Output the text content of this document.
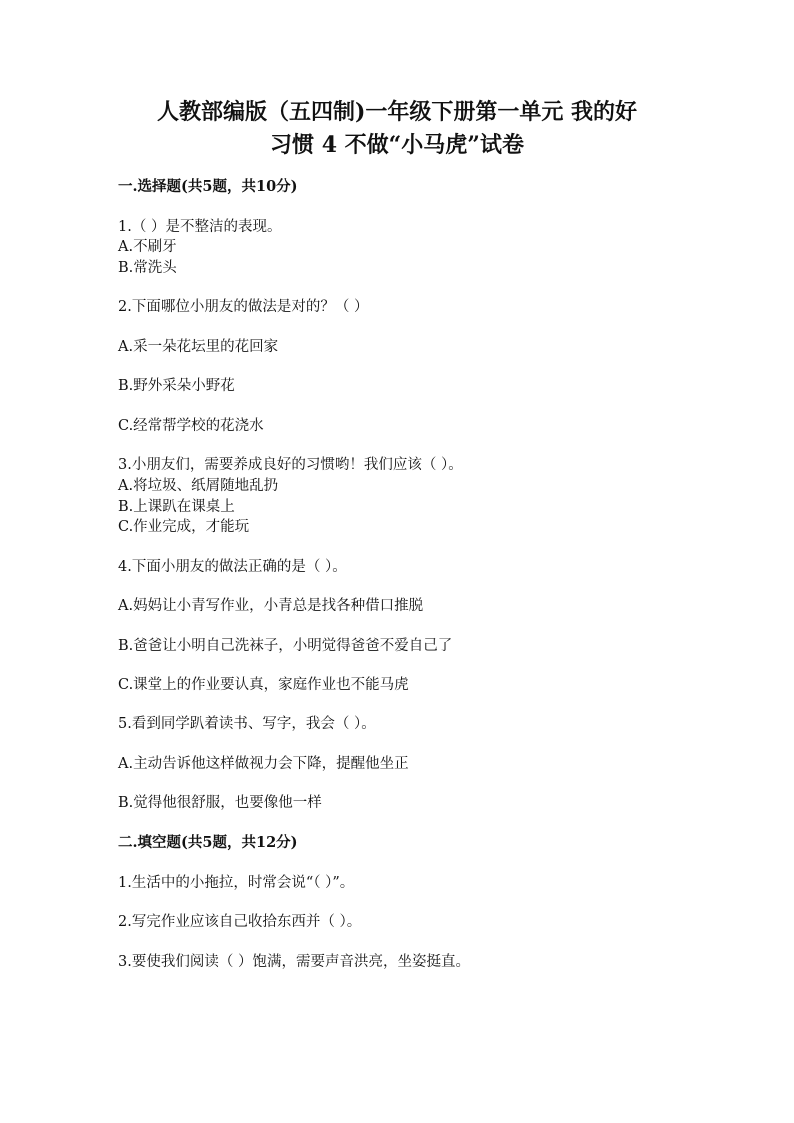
人教部编版（五四制)一年级下册第一单元 我的好
习惯 4 不做“小马虎”试卷
一.选择题(共5题，共10分)
1.（ ）是不整洁的表现。
A.不刷牙
B.常洗头
2.下面哪位小朋友的做法是对的？（ ）
A.采一朵花坛里的花回家
B.野外采朵小野花
C.经常帮学校的花浇水
3.小朋友们，需要养成良好的习惯哟！我们应该（ ）。
A.将垃圾、纸屑随地乱扔
B.上课趴在课桌上
C.作业完成，才能玩
4.下面小朋友的做法正确的是（ ）。
A.妈妈让小青写作业，小青总是找各种借口推脱
B.爸爸让小明自己洗袜子，小明觉得爸爸不爱自己了
C.课堂上的作业要认真，家庭作业也不能马虎
5.看到同学趴着读书、写字，我会（ ）。
A.主动告诉他这样做视力会下降，提醒他坐正
B.觉得他很舒服，也要像他一样
二.填空题(共5题，共12分)
1.生活中的小拖拉，时常会说“（ ）”。
2.写完作业应该自己收拾东西并（ ）。
3.要使我们阅读（ ）饱满，需要声音洪亮，坐姿挺直。
